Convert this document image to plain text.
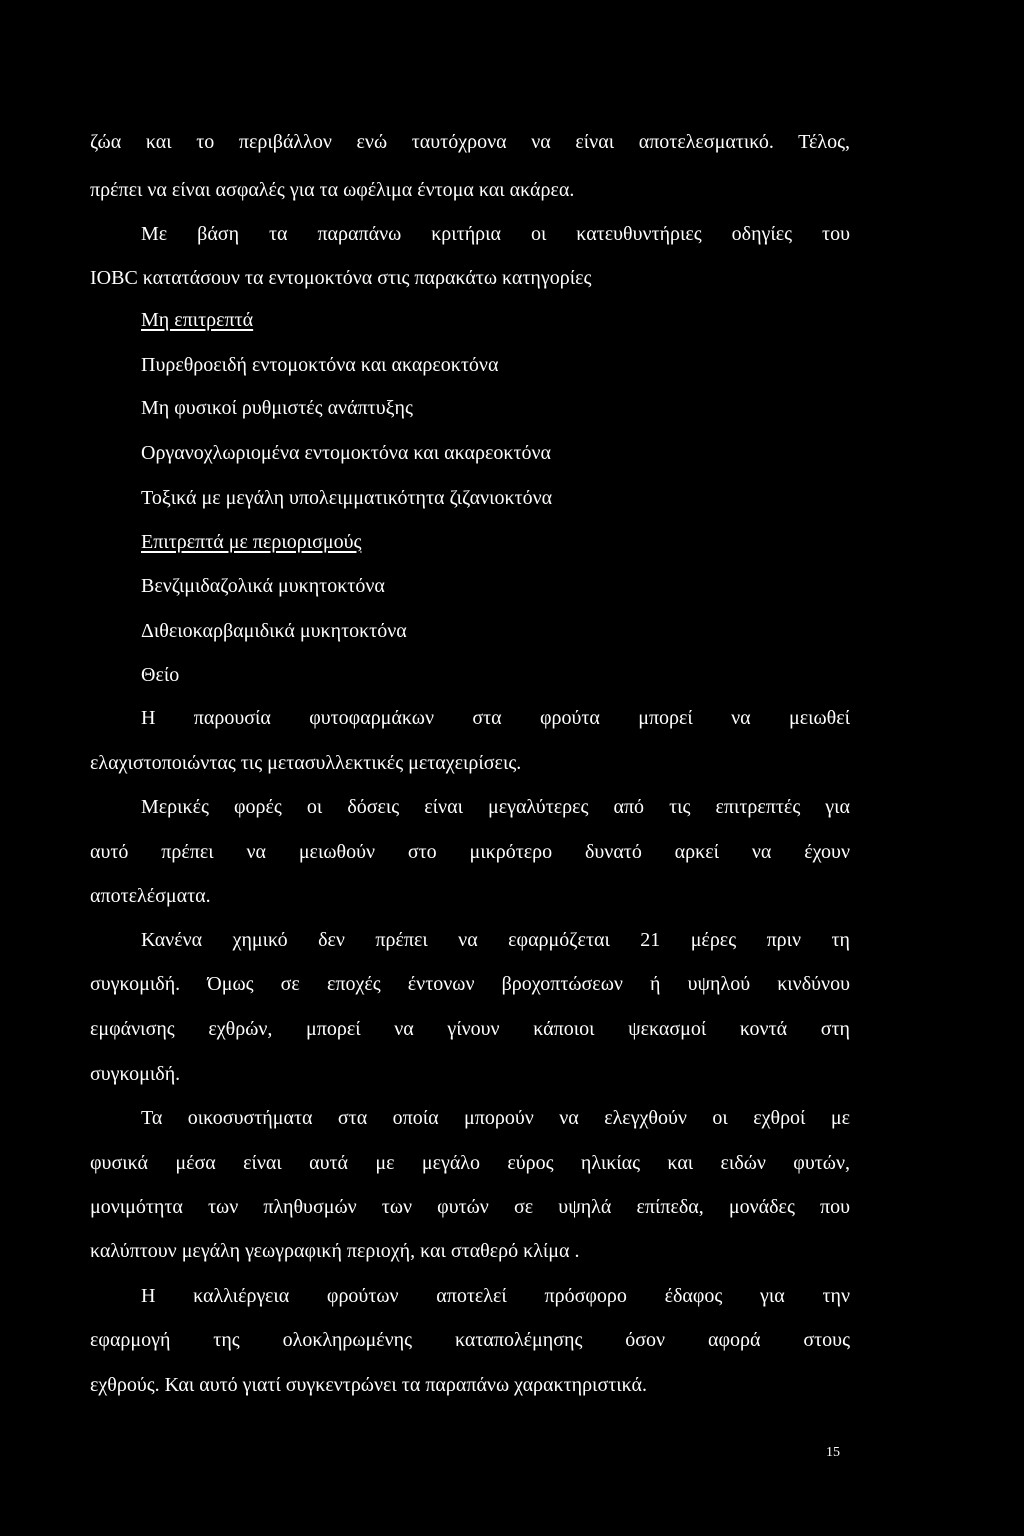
ζώα και το περιβάλλον ενώ ταυτόχρονα να είναι αποτελεσματικό. Τέλος,
πρέπει να είναι ασφαλές για τα ωφέλιμα έντομα και ακάρεα.
Με βάση τα παραπάνω κριτήρια οι κατευθυντήριες οδηγίες του
IOBC κατατάσουν τα εντομοκτόνα στις παρακάτω κατηγορίες
Μη επιτρεπτά
Πυρεθροειδή εντομοκτόνα και ακαρεοκτόνα
Μη φυσικοί ρυθμιστές ανάπτυξης
Οργανοχλωριομένα εντομοκτόνα και ακαρεοκτόνα
Τοξικά με μεγάλη υπολειμματικότητα ζιζανιοκτόνα
Επιτρεπτά με περιορισμούς
Βενζιμιδαζολικά μυκητοκτόνα
Διθειοκαρβαμιδικά μυκητοκτόνα
Θείο
Η παρουσία φυτοφαρμάκων στα φρούτα μπορεί να μειωθεί
ελαχιστοποιώντας τις μετασυλλεκτικές μεταχειρίσεις.
Μερικές φορές οι δόσεις είναι μεγαλύτερες από τις επιτρεπτές για
αυτό πρέπει να μειωθούν στο μικρότερο δυνατό αρκεί να έχουν
αποτελέσματα.
Κανένα χημικό δεν πρέπει να εφαρμόζεται 21 μέρες πριν τη
συγκομιδή. Όμως σε εποχές έντονων βροχοπτώσεων ή υψηλού κινδύνου
εμφάνισης εχθρών, μπορεί να γίνουν κάποιοι ψεκασμοί κοντά στη
συγκομιδή.
Τα οικοσυστήματα στα οποία μπορούν να ελεγχθούν οι εχθροί με
φυσικά μέσα είναι αυτά με μεγάλο εύρος ηλικίας και ειδών φυτών,
μονιμότητα των πληθυσμών των φυτών σε υψηλά επίπεδα, μονάδες που
καλύπτουν μεγάλη γεωγραφική περιοχή, και σταθερό κλίμα .
Η καλλιέργεια φρούτων αποτελεί πρόσφορο έδαφος για την
εφαρμογή της ολοκληρωμένης καταπολέμησης όσον αφορά στους
εχθρούς. Και αυτό γιατί συγκεντρώνει τα παραπάνω χαρακτηριστικά.
15
